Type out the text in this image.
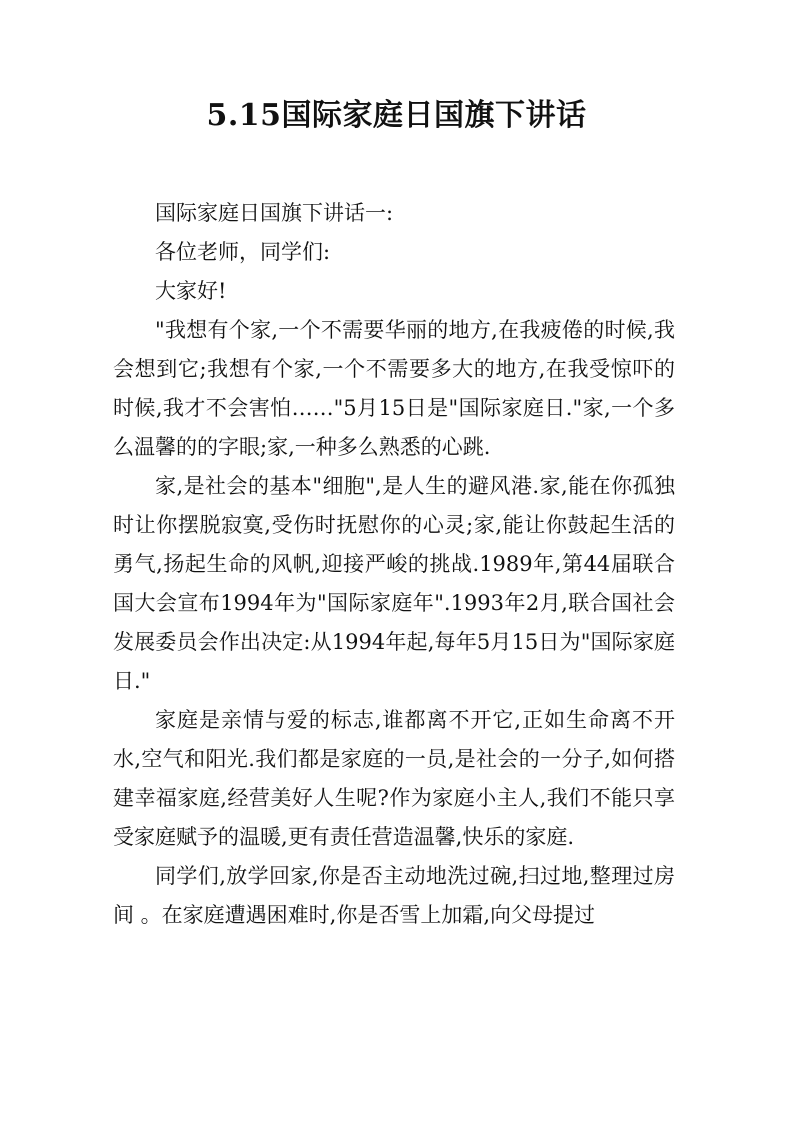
5.15国际家庭日国旗下讲话

国际家庭日国旗下讲话一:

各位老师，同学们:

大家好!

"我想有个家,一个不需要华丽的地方,在我疲倦的时候,我会想到它;我想有个家,一个不需要多大的地方,在我受惊吓的时候,我才不会害怕……"5月15日是"国际家庭日."家,一个多么温馨的的字眼;家,一种多么熟悉的心跳.

家,是社会的基本"细胞",是人生的避风港.家,能在你孤独时让你摆脱寂寞,受伤时抚慰你的心灵;家,能让你鼓起生活的勇气,扬起生命的风帆,迎接严峻的挑战.1989年,第44届联合国大会宣布1994年为"国际家庭年".1993年2月,联合国社会发展委员会作出决定:从1994年起,每年5月15日为"国际家庭日."

家庭是亲情与爱的标志,谁都离不开它,正如生命离不开水,空气和阳光.我们都是家庭的一员,是社会的一分子,如何搭建幸福家庭,经营美好人生呢?作为家庭小主人,我们不能只享受家庭赋予的温暖,更有责任营造温馨,快乐的家庭.

同学们,放学回家,你是否主动地洗过碗,扫过地,整理过房间 。在家庭遭遇困难时,你是否雪上加霜,向父母提过
